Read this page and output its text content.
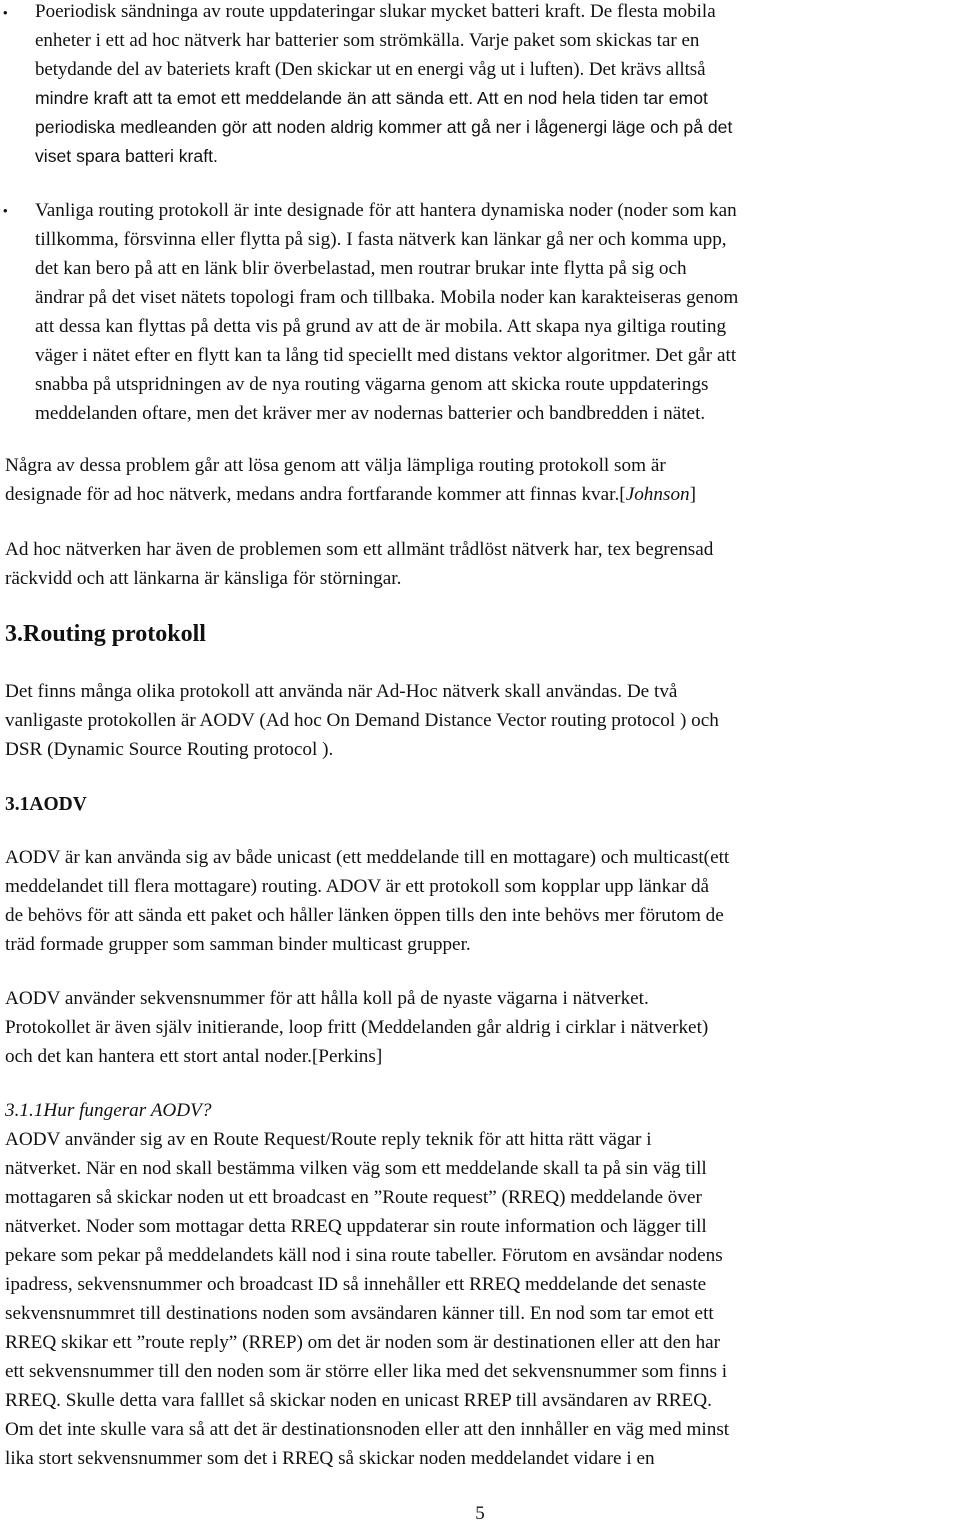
• Poeriodisk sändninga av route uppdateringar slukar mycket batteri kraft. De flesta mobila
enheter i ett ad hoc nätverk har batterier som strömkälla. Varje paket som skickas tar en
betydande del av bateriets kraft (Den skickar ut en energi våg ut i luften). Det krävs alltså
mindre kraft att ta emot ett meddelande än att sända ett. Att en nod hela tiden tar emot
periodiska medleanden gör att noden aldrig kommer att gå ner i lågenergi läge och på det
viset spara batteri kraft.
• Vanliga routing protokoll är inte designade för att hantera dynamiska noder (noder som kan
tillkomma, försvinna eller flytta på sig). I fasta nätverk kan länkar gå ner och komma upp,
det kan bero på att en länk blir överbelastad, men routrar brukar inte flytta på sig och
ändrar på det viset nätets topologi fram och tillbaka. Mobila noder kan karakteiseras genom
att dessa kan flyttas på detta vis på grund av att de är mobila. Att skapa nya giltiga routing
väger i nätet efter en flytt kan ta lång tid speciellt med distans vektor algoritmer. Det går att
snabba på utspridningen av de nya routing vägarna genom att skicka route uppdaterings
meddelanden oftare, men det kräver mer av nodernas batterier och bandbredden i nätet.
Några av dessa problem går att lösa genom att välja lämpliga routing protokoll som är
designade för ad hoc nätverk, medans andra fortfarande kommer att finnas kvar.[Johnson]
Ad hoc nätverken har även de problemen som ett allmänt trådlöst nätverk har, tex begrensad
räckvidd och att länkarna är känsliga för störningar.
3.Routing protokoll
Det finns många olika protokoll att använda när Ad-Hoc nätverk skall användas. De två
vanligaste protokollen är AODV (Ad hoc On Demand Distance Vector routing protocol ) och
DSR (Dynamic Source Routing protocol ).
3.1AODV
AODV är kan använda sig av både unicast (ett meddelande till en mottagare) och multicast(ett
meddelandet till flera mottagare) routing. ADOV är ett protokoll som kopplar upp länkar då
de behövs för att sända ett paket och håller länken öppen tills den inte behövs mer förutom de
träd formade grupper som samman binder multicast grupper.
AODV använder sekvensnummer för att hålla koll på de nyaste vägarna i nätverket.
Protokollet är även själv initierande, loop fritt (Meddelanden går aldrig i cirklar i nätverket)
och det kan hantera ett stort antal noder.[Perkins]
3.1.1Hur fungerar AODV?
AODV använder sig av en Route Request/Route reply teknik för att hitta rätt vägar i
nätverket. När en nod skall bestämma vilken väg som ett meddelande skall ta på sin väg till
mottagaren så skickar noden ut ett broadcast en ”Route request” (RREQ) meddelande över
nätverket. Noder som mottagar detta RREQ uppdaterar sin route information och lägger till
pekare som pekar på meddelandets käll nod i sina route tabeller. Förutom en avsändar nodens
ipadress, sekvensnummer och broadcast ID så innehåller ett RREQ meddelande det senaste
sekvensnummret till destinations noden som avsändaren känner till. En nod som tar emot ett
RREQ skikar ett ”route reply” (RREP) om det är noden som är destinationen eller att den har
ett sekvensnummer till den noden som är större eller lika med det sekvensnummer som finns i
RREQ. Skulle detta vara falllet så skickar noden en unicast RREP till avsändaren av RREQ.
Om det inte skulle vara så att det är destinationsnoden eller att den innhåller en väg med minst
lika stort sekvensnummer som det i RREQ så skickar noden meddelandet vidare i en
5
